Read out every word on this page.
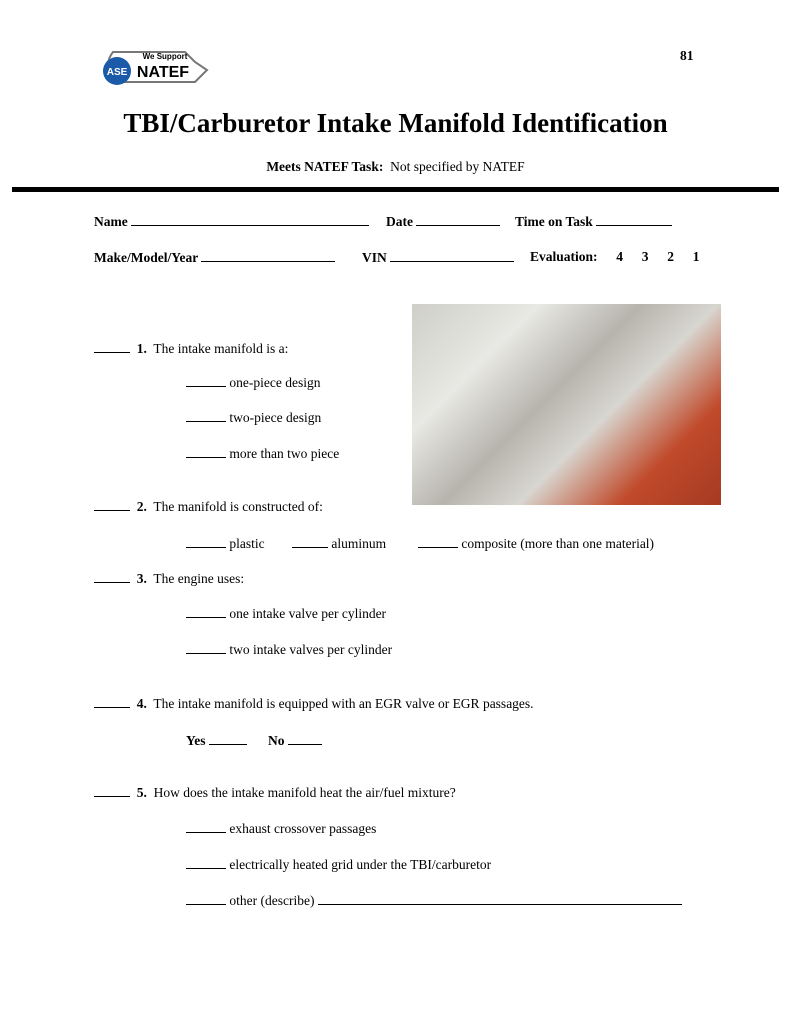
ASE
We Support
NATEF
81
TBI/Carburetor Intake Manifold Identification
Meets NATEF Task: Not specified by NATEF
Name	Date	Time on Task
Make/Model/Year	VIN	Evaluation: 4 3 2 1
1. The intake manifold is a:
one-piece design
two-piece design
more than two piece
2. The manifold is constructed of:
plastic	aluminum	composite (more than one material)
3. The engine uses:
one intake valve per cylinder
two intake valves per cylinder
4. The intake manifold is equipped with an EGR valve or EGR passages.
Yes	No
5. How does the intake manifold heat the air/fuel mixture?
exhaust crossover passages
electrically heated grid under the TBI/carburetor
other (describe)
